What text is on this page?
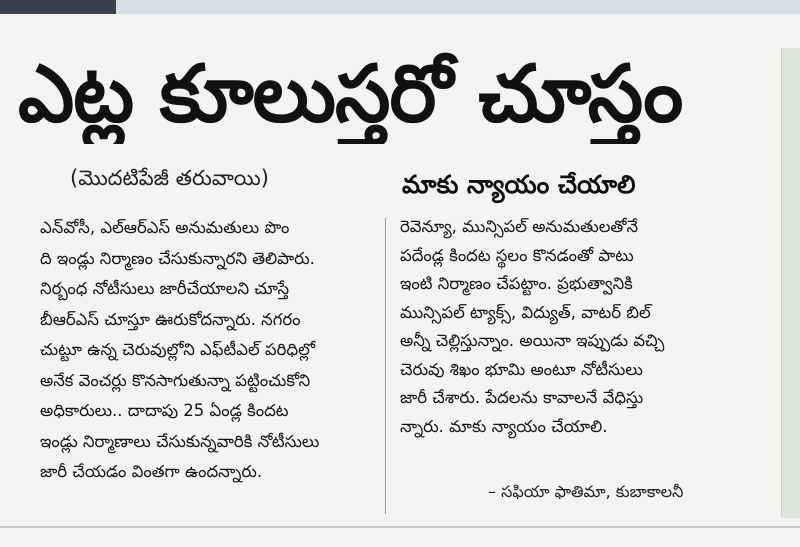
ఎట్ల కూలుస్తరో చూస్తం
(మొదటిపేజీ తరువాయి)	మాకు న్యాయం చేయాలి
ఎన్‌వోసీ, ఎల్‌ఆర్‌ఎస్ అనుమతులు పొం
ది ఇండ్లు నిర్మాణం చేసుకున్నారని తెలిపారు.
నిర్బంధ నోటీసులు జారీచేయాలని చూస్తే
బీఆర్‌ఎస్ చూస్తూ ఊరుకోదన్నారు. నగరం
చుట్టూ ఉన్న చెరువుల్లోని ఎఫ్‌టీఎల్ పరిధిల్లో
అనేక వెంచర్లు కొనసాగుతున్నా పట్టించుకోని
అధికారులు.. దాదాపు 25 ఏండ్ల కిందట
ఇండ్లు నిర్మాణాలు చేసుకున్నవారికి నోటీసులు
జారీ చేయడం వింతగా ఉందన్నారు.
రెవెన్యూ, మున్సిపల్ అనుమతులతోనే
పదేండ్ల కిందట స్థలం కొనడంతో పాటు
ఇంటి నిర్మాణం చేపట్టాం. ప్రభుత్వానికి
మున్సిపల్ ట్యాక్స్, విద్యుత్, వాటర్ బిల్
అన్నీ చెల్లిస్తున్నాం. అయినా ఇప్పుడు వచ్చి
చెరువు శిఖం భూమి అంటూ నోటీసులు
జారీ చేశారు. పేదలను కావాలనే వేధిస్తు
న్నారు. మాకు న్యాయం చేయాలి.
– సఫియా ఫాతిమా, కుబాకాలనీ
